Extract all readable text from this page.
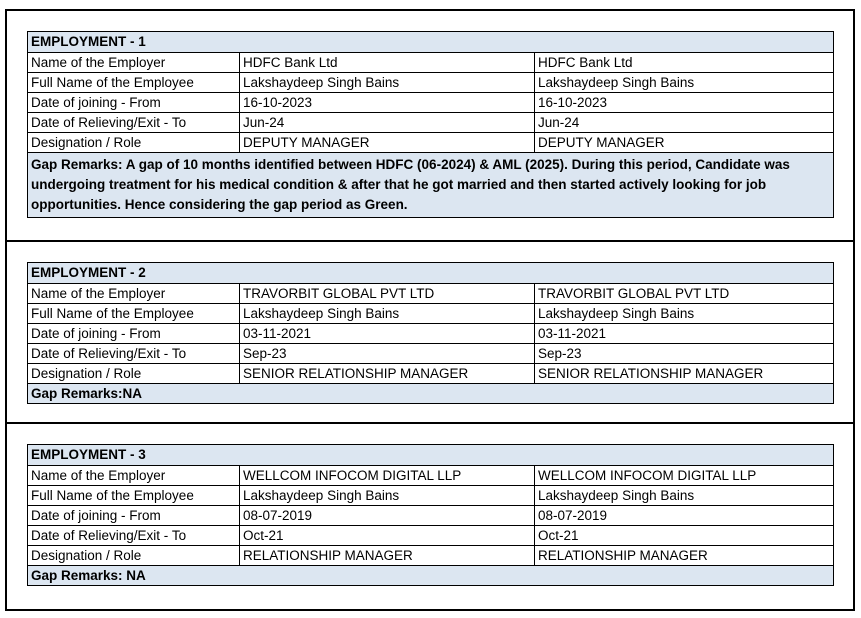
EMPLOYMENT - 1		
Name of the Employer	HDFC Bank Ltd	HDFC Bank Ltd
Full Name of the Employee	Lakshaydeep Singh Bains	Lakshaydeep Singh Bains
Date of joining - From	16-10-2023	16-10-2023
Date of Relieving/Exit - To	Jun-24	Jun-24
Designation / Role	DEPUTY MANAGER	DEPUTY MANAGER
Gap Remarks: A gap of 10 months identified between HDFC (06-2024) & AML (2025). During this period, Candidate was undergoing treatment for his medical condition & after that he got married and then started actively looking for job opportunities. Hence considering the gap period as Green.		
EMPLOYMENT - 2		
Name of the Employer	TRAVORBIT GLOBAL PVT LTD	TRAVORBIT GLOBAL PVT LTD
Full Name of the Employee	Lakshaydeep Singh Bains	Lakshaydeep Singh Bains
Date of joining - From	03-11-2021	03-11-2021
Date of Relieving/Exit - To	Sep-23	Sep-23
Designation / Role	SENIOR RELATIONSHIP MANAGER	SENIOR RELATIONSHIP MANAGER
Gap Remarks:NA		
EMPLOYMENT - 3		
Name of the Employer	WELLCOM INFOCOM DIGITAL LLP	WELLCOM INFOCOM DIGITAL LLP
Full Name of the Employee	Lakshaydeep Singh Bains	Lakshaydeep Singh Bains
Date of joining - From	08-07-2019	08-07-2019
Date of Relieving/Exit - To	Oct-21	Oct-21
Designation / Role	RELATIONSHIP MANAGER	RELATIONSHIP MANAGER
Gap Remarks: NA		
